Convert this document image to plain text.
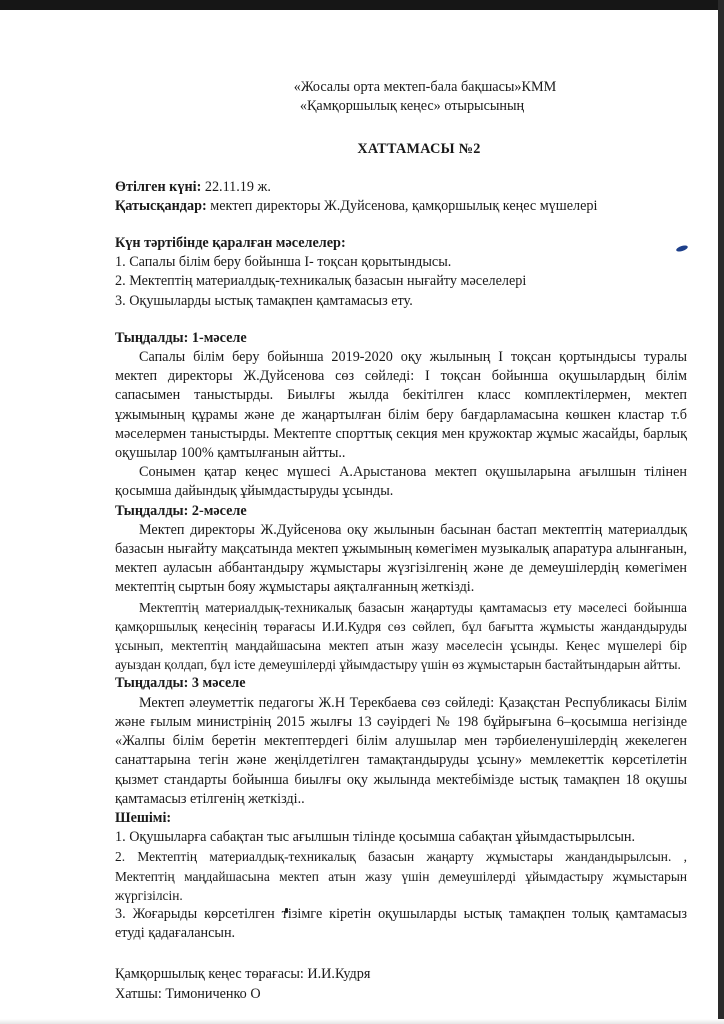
«Жосалы орта мектеп-бала бақшасы»КММ

«Қамқоршылық кеңес» отырысының

ХАТТАМАСЫ №2

Өтілген күні: 22.11.19 ж.

Қатысқандар: мектеп директоры Ж.Дуйсенова, қамқоршылық кеңес мүшелері

Күн тәртібінде қаралған мәселелер:

1. Сапалы білім беру бойынша I- тоқсан қорытындысы.

2. Мектептің материалдық-техникалық базасын нығайту мәселелері

3. Оқушыларды ыстық тамақпен қамтамасыз ету.

Тыңдалды: 1-мәселе

Сапалы білім беру бойынша 2019-2020 оқу жылының I тоқсан қортындысы туралы мектеп директоры Ж.Дуйсенова сөз сөйледі: I тоқсан бойынша оқушылардың білім сапасымен таныстырды. Биылғы жылда бекітілген класс комплектілермен, мектеп ұжымының құрамы және де жаңартылған білім беру бағдарламасына көшкен кластар т.б мәселермен таныстырды. Мектепте спорттық секция мен кружоктар жұмыс жасайды, барлық оқушылар 100% қамтылғанын айтты..

Сонымен қатар кеңес мүшесі А.Арыстанова мектеп оқушыларына ағылшын тілінен қосымша дайындық ұйымдастыруды ұсынды.

Тыңдалды: 2-мәселе

Мектеп директоры Ж.Дуйсенова оқу жылынын басынан бастап мектептің материалдық базасын нығайту мақсатында мектеп ұжымының көмегімен музыкалық апаратура алынғанын, мектеп ауласын аббантандыру жұмыстары жүзгізілгенің және де демеушілердің көмегімен мектептің сыртын бояу жұмыстары аяқталғанның жеткізді.

Мектептің материалдық-техникалық базасын жаңартуды қамтамасыз ету мәселесі бойынша қамқоршылық кеңесінің төрағасы И.И.Кудря сөз сөйлеп, бұл бағытта жұмысты жандандыруды ұсынып, мектептің маңдайшасына мектеп атын жазу мәселесін ұсынды. Кеңес мүшелері бір ауыздан қолдап, бұл істе демеушілерді ұйымдастыру үшін өз жұмыстарын бастайтындарын айтты.

Тыңдалды: 3 мәселе

Мектеп әлеуметтік педагогы Ж.Н Терекбаева сөз сөйледі: Қазақстан Республикасы Білім және ғылым министрінің 2015 жылғы 13 сәуірдегі № 198 бұйрығына 6–қосымша негізінде «Жалпы білім беретін мектептердегі білім алушылар мен тәрбиеленушілердің жекелеген санаттарына тегін және жеңілдетілген тамақтандыруды ұсыну» мемлекеттік көрсетілетін қызмет стандарты бойынша биылғы оқу жылында мектебімізде ыстық тамақпен 18 оқушы қамтамасыз етілгенің жеткізді..

Шешімі:

1. Оқушыларға сабақтан тыс ағылшын тілінде қосымша сабақтан ұйымдастырылсын.

2. Мектептің материалдық-техникалық базасын жаңарту жұмыстары жандандырылсын. , Мектептің маңдайшасына мектеп атын жазу үшін демеушілерді ұйымдастыру жұмыстарын жүргізілсін.

3. Жоғарыды көрсетілген тізімге кіретін оқушыларды ыстық тамақпен толық қамтамасыз етуді қадағалансын.

Қамқоршылық кеңес төрағасы: И.И.Кудря

Хатшы: Тимониченко О
